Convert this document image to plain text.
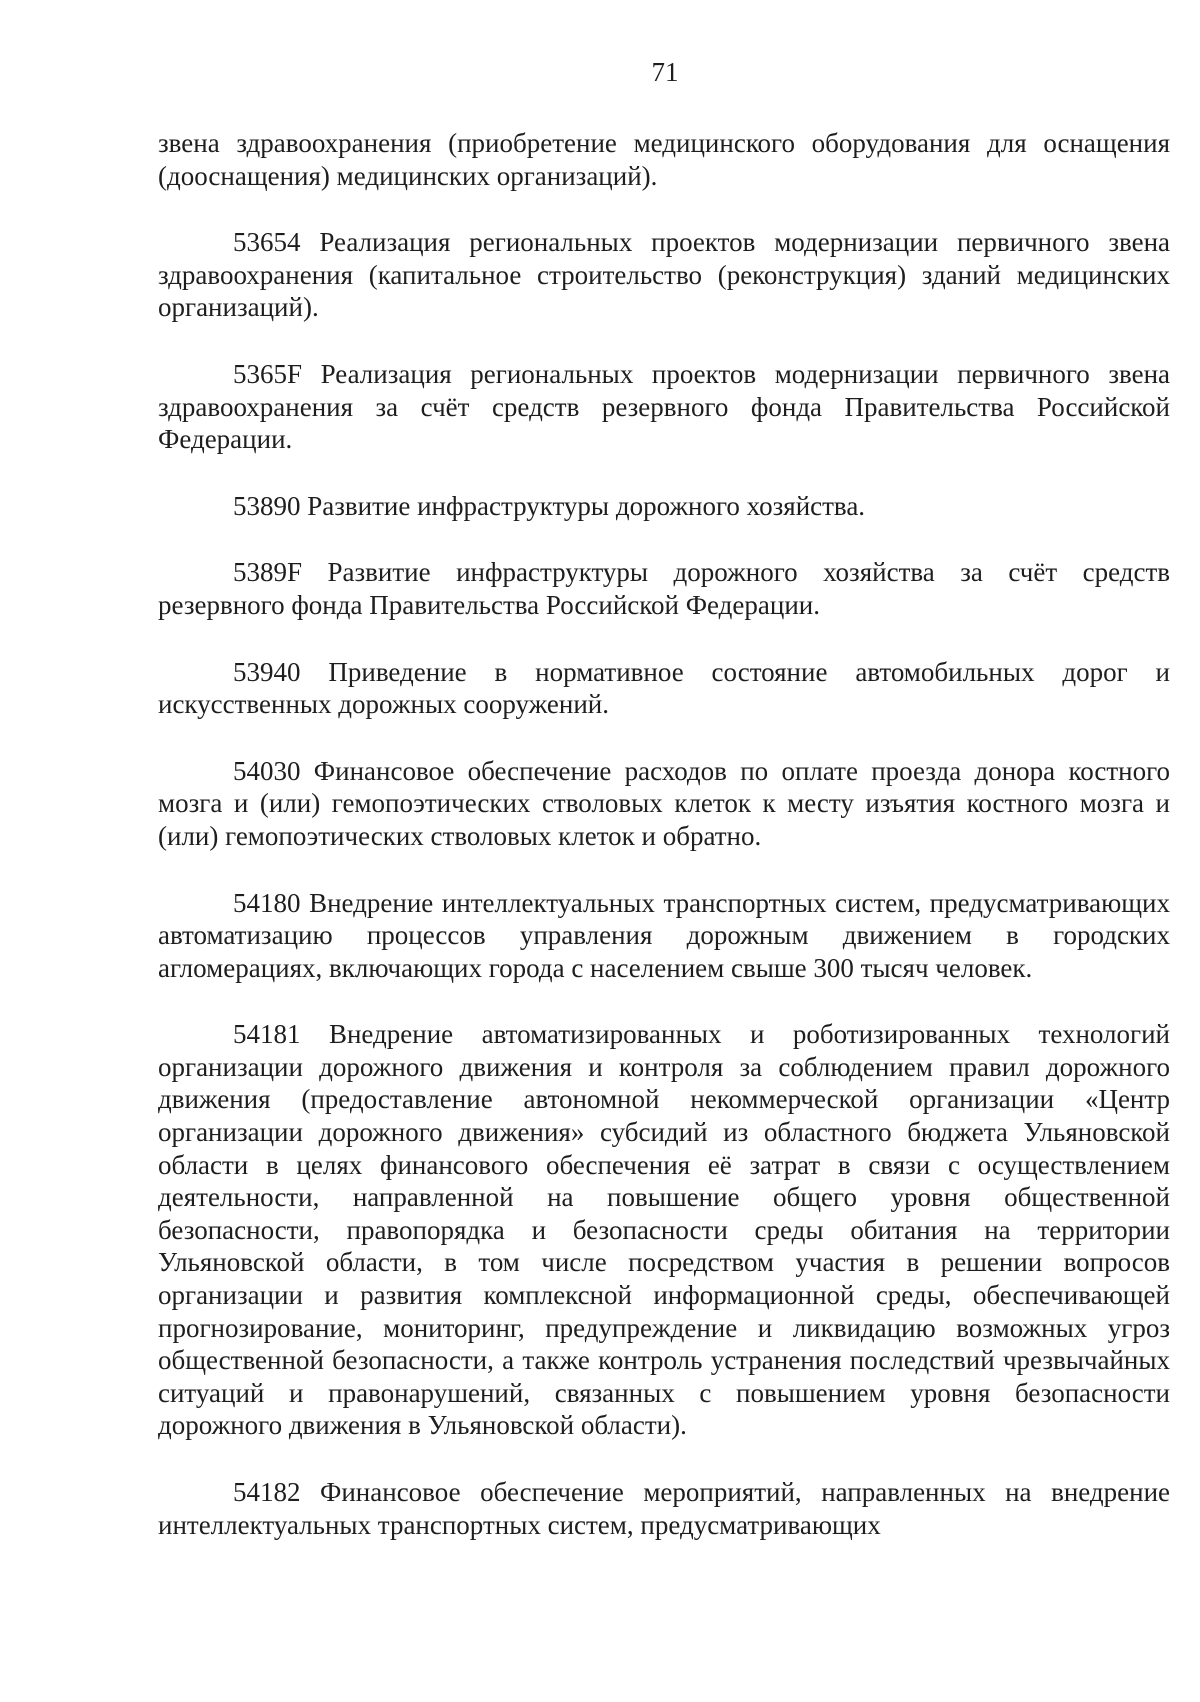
71

звена здравоохранения (приобретение медицинского оборудования для оснащения (дооснащения) медицинских организаций).

53654 Реализация региональных проектов модернизации первичного звена здравоохранения (капитальное строительство (реконструкция) зданий медицинских организаций).

5365F Реализация региональных проектов модернизации первичного звена здравоохранения за счёт средств резервного фонда Правительства Российской Федерации.

53890 Развитие инфраструктуры дорожного хозяйства.

5389F Развитие инфраструктуры дорожного хозяйства за счёт средств резервного фонда Правительства Российской Федерации.

53940 Приведение в нормативное состояние автомобильных дорог и искусственных дорожных сооружений.

54030 Финансовое обеспечение расходов по оплате проезда донора костного мозга и (или) гемопоэтических стволовых клеток к месту изъятия костного мозга и (или) гемопоэтических стволовых клеток и обратно.

54180 Внедрение интеллектуальных транспортных систем, предусматривающих автоматизацию процессов управления дорожным движением в городских агломерациях, включающих города с населением свыше 300 тысяч человек.

54181 Внедрение автоматизированных и роботизированных технологий организации дорожного движения и контроля за соблюдением правил дорожного движения (предоставление автономной некоммерческой организации «Центр организации дорожного движения» субсидий из областного бюджета Ульяновской области в целях финансового обеспечения её затрат в связи с осуществлением деятельности, направленной на повышение общего уровня общественной безопасности, правопорядка и безопасности среды обитания на территории Ульяновской области, в том числе посредством участия в решении вопросов организации и развития комплексной информационной среды, обеспечивающей прогнозирование, мониторинг, предупреждение и ликвидацию возможных угроз общественной безопасности, а также контроль устранения последствий чрезвычайных ситуаций и правонарушений, связанных с повышением уровня безопасности дорожного движения в Ульяновской области).

54182 Финансовое обеспечение мероприятий, направленных на внедрение интеллектуальных транспортных систем, предусматривающих
